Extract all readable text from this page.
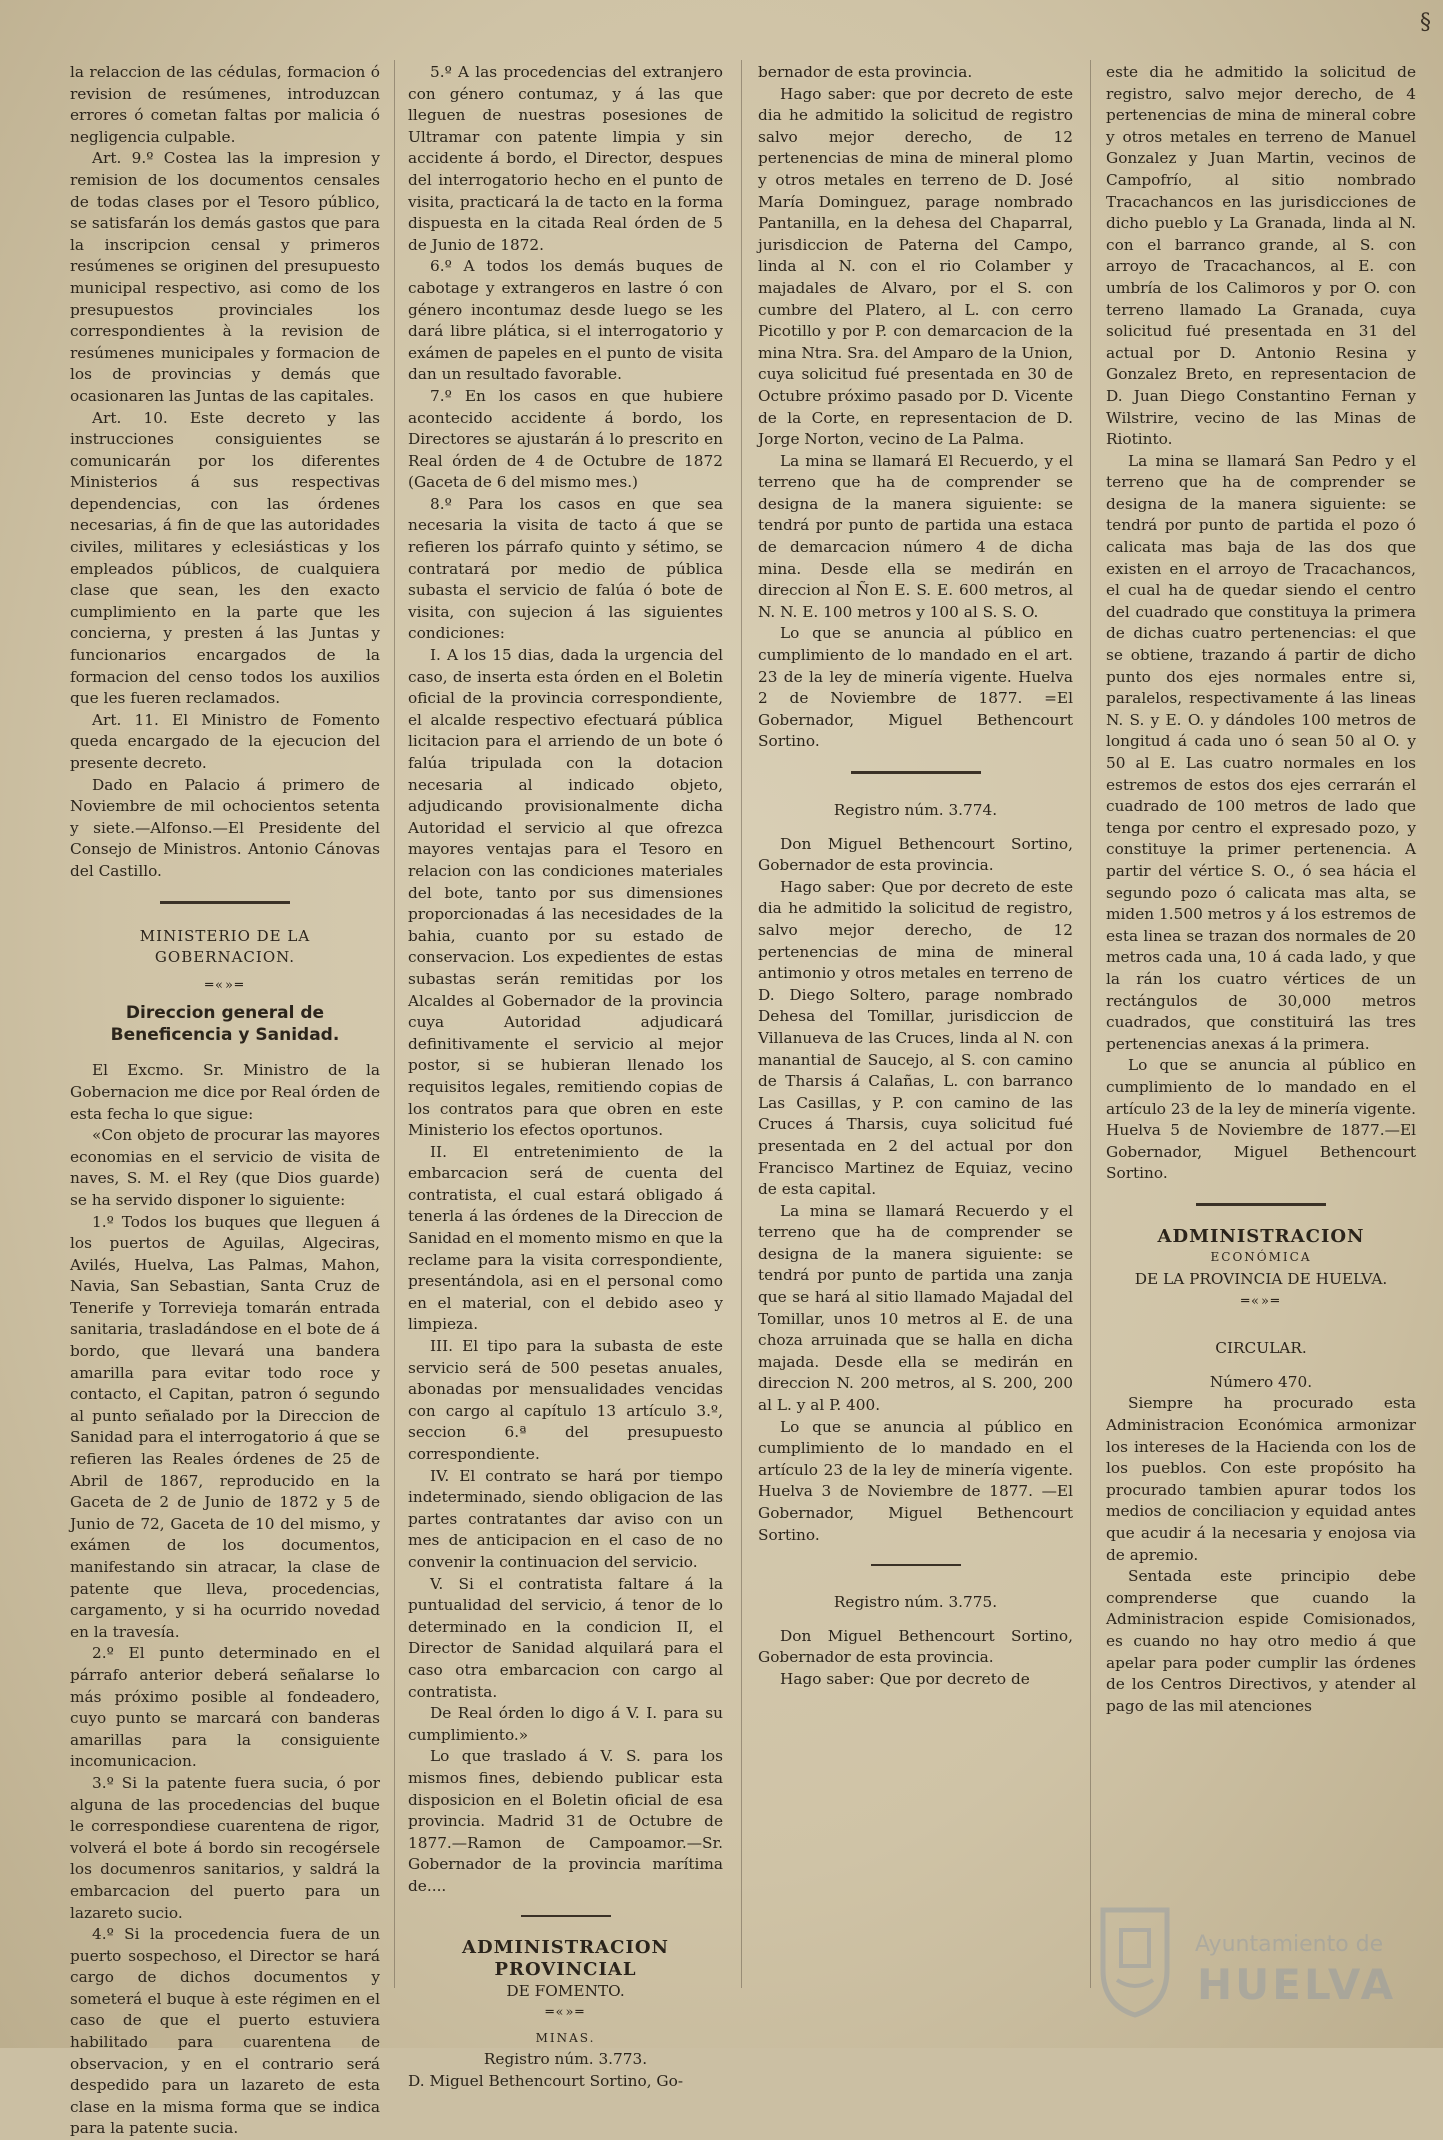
§

la relaccion de las cédulas, formacion ó revision de resúmenes, introduzcan errores ó cometan faltas por malicia ó negligencia culpable.

Art. 9.º Costea las la impresion y remision de los documentos censales de todas clases por el Tesoro público, se satisfarán los demás gastos que para la inscripcion censal y primeros resúmenes se originen del presupuesto municipal respectivo, asi como de los presupuestos provinciales los correspondientes à la revision de resúmenes municipales y formacion de los de provincias y demás que ocasionaren las Juntas de las capitales.

Art. 10. Este decreto y las instrucciones consiguientes se comunicarán por los diferentes Ministerios á sus respectivas dependencias, con las órdenes necesarias, á fin de que las autoridades civiles, militares y eclesiásticas y los empleados públicos, de cualquiera clase que sean, les den exacto cumplimiento en la parte que les concierna, y presten á las Juntas y funcionarios encargados de la formacion del censo todos los auxilios que les fueren reclamados.

Art. 11. El Ministro de Fomento queda encargado de la ejecucion del presente decreto.

Dado en Palacio á primero de Noviembre de mil ochocientos setenta y siete.—Alfonso.—El Presidente del Consejo de Ministros. Antonio Cánovas del Castillo.

MINISTERIO DE LA GOBERNACION.

═«»═

Direccion general de Beneficencia y Sanidad.

El Excmo. Sr. Ministro de la Gobernacion me dice por Real órden de esta fecha lo que sigue:

«Con objeto de procurar las mayores economias en el servicio de visita de naves, S. M. el Rey (que Dios guarde) se ha servido disponer lo siguiente:

1.º Todos los buques que lleguen á los puertos de Aguilas, Algeciras, Avilés, Huelva, Las Palmas, Mahon, Navia, San Sebastian, Santa Cruz de Tenerife y Torrevieja tomarán entrada sanitaria, trasladándose en el bote de á bordo, que llevará una bandera amarilla para evitar todo roce y contacto, el Capitan, patron ó segundo al punto señalado por la Direccion de Sanidad para el interrogatorio á que se refieren las Reales órdenes de 25 de Abril de 1867, reproducido en la Gaceta de 2 de Junio de 1872 y 5 de Junio de 72, Gaceta de 10 del mismo, y exámen de los documentos, manifestando sin atracar, la clase de patente que lleva, procedencias, cargamento, y si ha ocurrido novedad en la travesía.

2.º El punto determinado en el párrafo anterior deberá señalarse lo más próximo posible al fondeadero, cuyo punto se marcará con banderas amarillas para la consiguiente incomunicacion.

3.º Si la patente fuera sucia, ó por alguna de las procedencias del buque le correspondiese cuarentena de rigor, volverá el bote á bordo sin recogérsele los documenros sanitarios, y saldrá la embarcacion del puerto para un lazareto sucio.

4.º Si la procedencia fuera de un puerto sospechoso, el Director se hará cargo de dichos documentos y someterá el buque à este régimen en el caso de que el puerto estuviera habilitado para cuarentena de observacion, y en el contrario será despedido para un lazareto de esta clase en la misma forma que se indica para la patente sucia.

5.º A las procedencias del extranjero con género contumaz, y á las que lleguen de nuestras posesiones de Ultramar con patente limpia y sin accidente á bordo, el Director, despues del interrogatorio hecho en el punto de visita, practicará la de tacto en la forma dispuesta en la citada Real órden de 5 de Junio de 1872.

6.º A todos los demás buques de cabotage y extrangeros en lastre ó con género incontumaz desde luego se les dará libre plática, si el interrogatorio y exámen de papeles en el punto de visita dan un resultado favorable.

7.º En los casos en que hubiere acontecido accidente á bordo, los Directores se ajustarán á lo prescrito en Real órden de 4 de Octubre de 1872 (Gaceta de 6 del mismo mes.)

8.º Para los casos en que sea necesaria la visita de tacto á que se refieren los párrafo quinto y sétimo, se contratará por medio de pública subasta el servicio de falúa ó bote de visita, con sujecion á las siguientes condiciones:

I. A los 15 dias, dada la urgencia del caso, de inserta esta órden en el Boletin oficial de la provincia correspondiente, el alcalde respectivo efectuará pública licitacion para el arriendo de un bote ó falúa tripulada con la dotacion necesaria al indicado objeto, adjudicando provisionalmente dicha Autoridad el servicio al que ofrezca mayores ventajas para el Tesoro en relacion con las condiciones materiales del bote, tanto por sus dimensiones proporcionadas á las necesidades de la bahia, cuanto por su estado de conservacion. Los expedientes de estas subastas serán remitidas por los Alcaldes al Gobernador de la provincia cuya Autoridad adjudicará definitivamente el servicio al mejor postor, si se hubieran llenado los requisitos legales, remitiendo copias de los contratos para que obren en este Ministerio los efectos oportunos.

II. El entretenimiento de la embarcacion será de cuenta del contratista, el cual estará obligado á tenerla á las órdenes de la Direccion de Sanidad en el momento mismo en que la reclame para la visita correspondiente, presentándola, asi en el personal como en el material, con el debido aseo y limpieza.

III. El tipo para la subasta de este servicio será de 500 pesetas anuales, abonadas por mensualidades vencidas con cargo al capítulo 13 artículo 3.º, seccion 6.ª del presupuesto correspondiente.

IV. El contrato se hará por tiempo indeterminado, siendo obligacion de las partes contratantes dar aviso con un mes de anticipacion en el caso de no convenir la continuacion del servicio.

V. Si el contratista faltare á la puntualidad del servicio, á tenor de lo determinado en la condicion II, el Director de Sanidad alquilará para el caso otra embarcacion con cargo al contratista.

De Real órden lo digo á V. I. para su cumplimiento.»

Lo que traslado á V. S. para los mismos fines, debiendo publicar esta disposicion en el Boletin oficial de esa provincia. Madrid 31 de Octubre de 1877.—Ramon de Campoamor.—Sr. Gobernador de la provincia marítima de....

ADMINISTRACION PROVINCIAL

DE FOMENTO.

═«»═

MINAS.

Registro núm. 3.773.

D. Miguel Bethencourt Sortino, Go-

bernador de esta provincia.

Hago saber: que por decreto de este dia he admitido la solicitud de registro salvo mejor derecho, de 12 pertenencias de mina de mineral plomo y otros metales en terreno de D. José María Dominguez, parage nombrado Pantanilla, en la dehesa del Chaparral, jurisdiccion de Paterna del Campo, linda al N. con el rio Colamber y majadales de Alvaro, por el S. con cumbre del Platero, al L. con cerro Picotillo y por P. con demarcacion de la mina Ntra. Sra. del Amparo de la Union, cuya solicitud fué presentada en 30 de Octubre próximo pasado por D. Vicente de la Corte, en representacion de D. Jorge Norton, vecino de La Palma.

La mina se llamará El Recuerdo, y el terreno que ha de comprender se designa de la manera siguiente: se tendrá por punto de partida una estaca de demarcacion número 4 de dicha mina. Desde ella se medirán en direccion al Ñon E. S. E. 600 metros, al N. N. E. 100 metros y 100 al S. S. O.

Lo que se anuncia al público en cumplimiento de lo mandado en el art. 23 de la ley de minería vigente. Huelva 2 de Noviembre de 1877. =El Gobernador, Miguel Bethencourt Sortino.

Registro núm. 3.774.

Don Miguel Bethencourt Sortino, Gobernador de esta provincia.

Hago saber: Que por decreto de este dia he admitido la solicitud de registro, salvo mejor derecho, de 12 pertenencias de mina de mineral antimonio y otros metales en terreno de D. Diego Soltero, parage nombrado Dehesa del Tomillar, jurisdiccion de Villanueva de las Cruces, linda al N. con manantial de Saucejo, al S. con camino de Tharsis á Calañas, L. con barranco Las Casillas, y P. con camino de las Cruces á Tharsis, cuya solicitud fué presentada en 2 del actual por don Francisco Martinez de Equiaz, vecino de esta capital.

La mina se llamará Recuerdo y el terreno que ha de comprender se designa de la manera siguiente: se tendrá por punto de partida una zanja que se hará al sitio llamado Majadal del Tomillar, unos 10 metros al E. de una choza arruinada que se halla en dicha majada. Desde ella se medirán en direccion N. 200 metros, al S. 200, 200 al L. y al P. 400.

Lo que se anuncia al público en cumplimiento de lo mandado en el artículo 23 de la ley de minería vigente. Huelva 3 de Noviembre de 1877. —El Gobernador, Miguel Bethencourt Sortino.

Registro núm. 3.775.

Don Miguel Bethencourt Sortino, Gobernador de esta provincia.

Hago saber: Que por decreto de

este dia he admitido la solicitud de registro, salvo mejor derecho, de 4 pertenencias de mina de mineral cobre y otros metales en terreno de Manuel Gonzalez y Juan Martin, vecinos de Campofrío, al sitio nombrado Tracachancos en las jurisdicciones de dicho pueblo y La Granada, linda al N. con el barranco grande, al S. con arroyo de Tracachancos, al E. con umbría de los Calimoros y por O. con terreno llamado La Granada, cuya solicitud fué presentada en 31 del actual por D. Antonio Resina y Gonzalez Breto, en representacion de D. Juan Diego Constantino Fernan y Wilstrire, vecino de las Minas de Riotinto.

La mina se llamará San Pedro y el terreno que ha de comprender se designa de la manera siguiente: se tendrá por punto de partida el pozo ó calicata mas baja de las dos que existen en el arroyo de Tracachancos, el cual ha de quedar siendo el centro del cuadrado que constituya la primera de dichas cuatro pertenencias: el que se obtiene, trazando á partir de dicho punto dos ejes normales entre si, paralelos, respectivamente á las lineas N. S. y E. O. y dándoles 100 metros de longitud á cada uno ó sean 50 al O. y 50 al E. Las cuatro normales en los estremos de estos dos ejes cerrarán el cuadrado de 100 metros de lado que tenga por centro el expresado pozo, y constituye la primer pertenencia. A partir del vértice S. O., ó sea hácia el segundo pozo ó calicata mas alta, se miden 1.500 metros y á los estremos de esta linea se trazan dos normales de 20 metros cada una, 10 á cada lado, y que la rán los cuatro vértices de un rectángulos de 30,000 metros cuadrados, que constituirá las tres pertenencias anexas á la primera.

Lo que se anuncia al público en cumplimiento de lo mandado en el artículo 23 de la ley de minería vigente. Huelva 5 de Noviembre de 1877.—El Gobernador, Miguel Bethencourt Sortino.

ADMINISTRACION

ECONÓMICA

DE LA PROVINCIA DE HUELVA.

═«»═

CIRCULAR.

Número 470.

Siempre ha procurado esta Administracion Económica armonizar los intereses de la Hacienda con los de los pueblos. Con este propósito ha procurado tambien apurar todos los medios de conciliacion y equidad antes que acudir á la necesaria y enojosa via de apremio.

Sentada este principio debe comprenderse que cuando la Administracion espide Comisionados, es cuando no hay otro medio á que apelar para poder cumplir las órdenes de los Centros Directivos, y atender al pago de las mil atenciones

Ayuntamiento de
HUELVA
